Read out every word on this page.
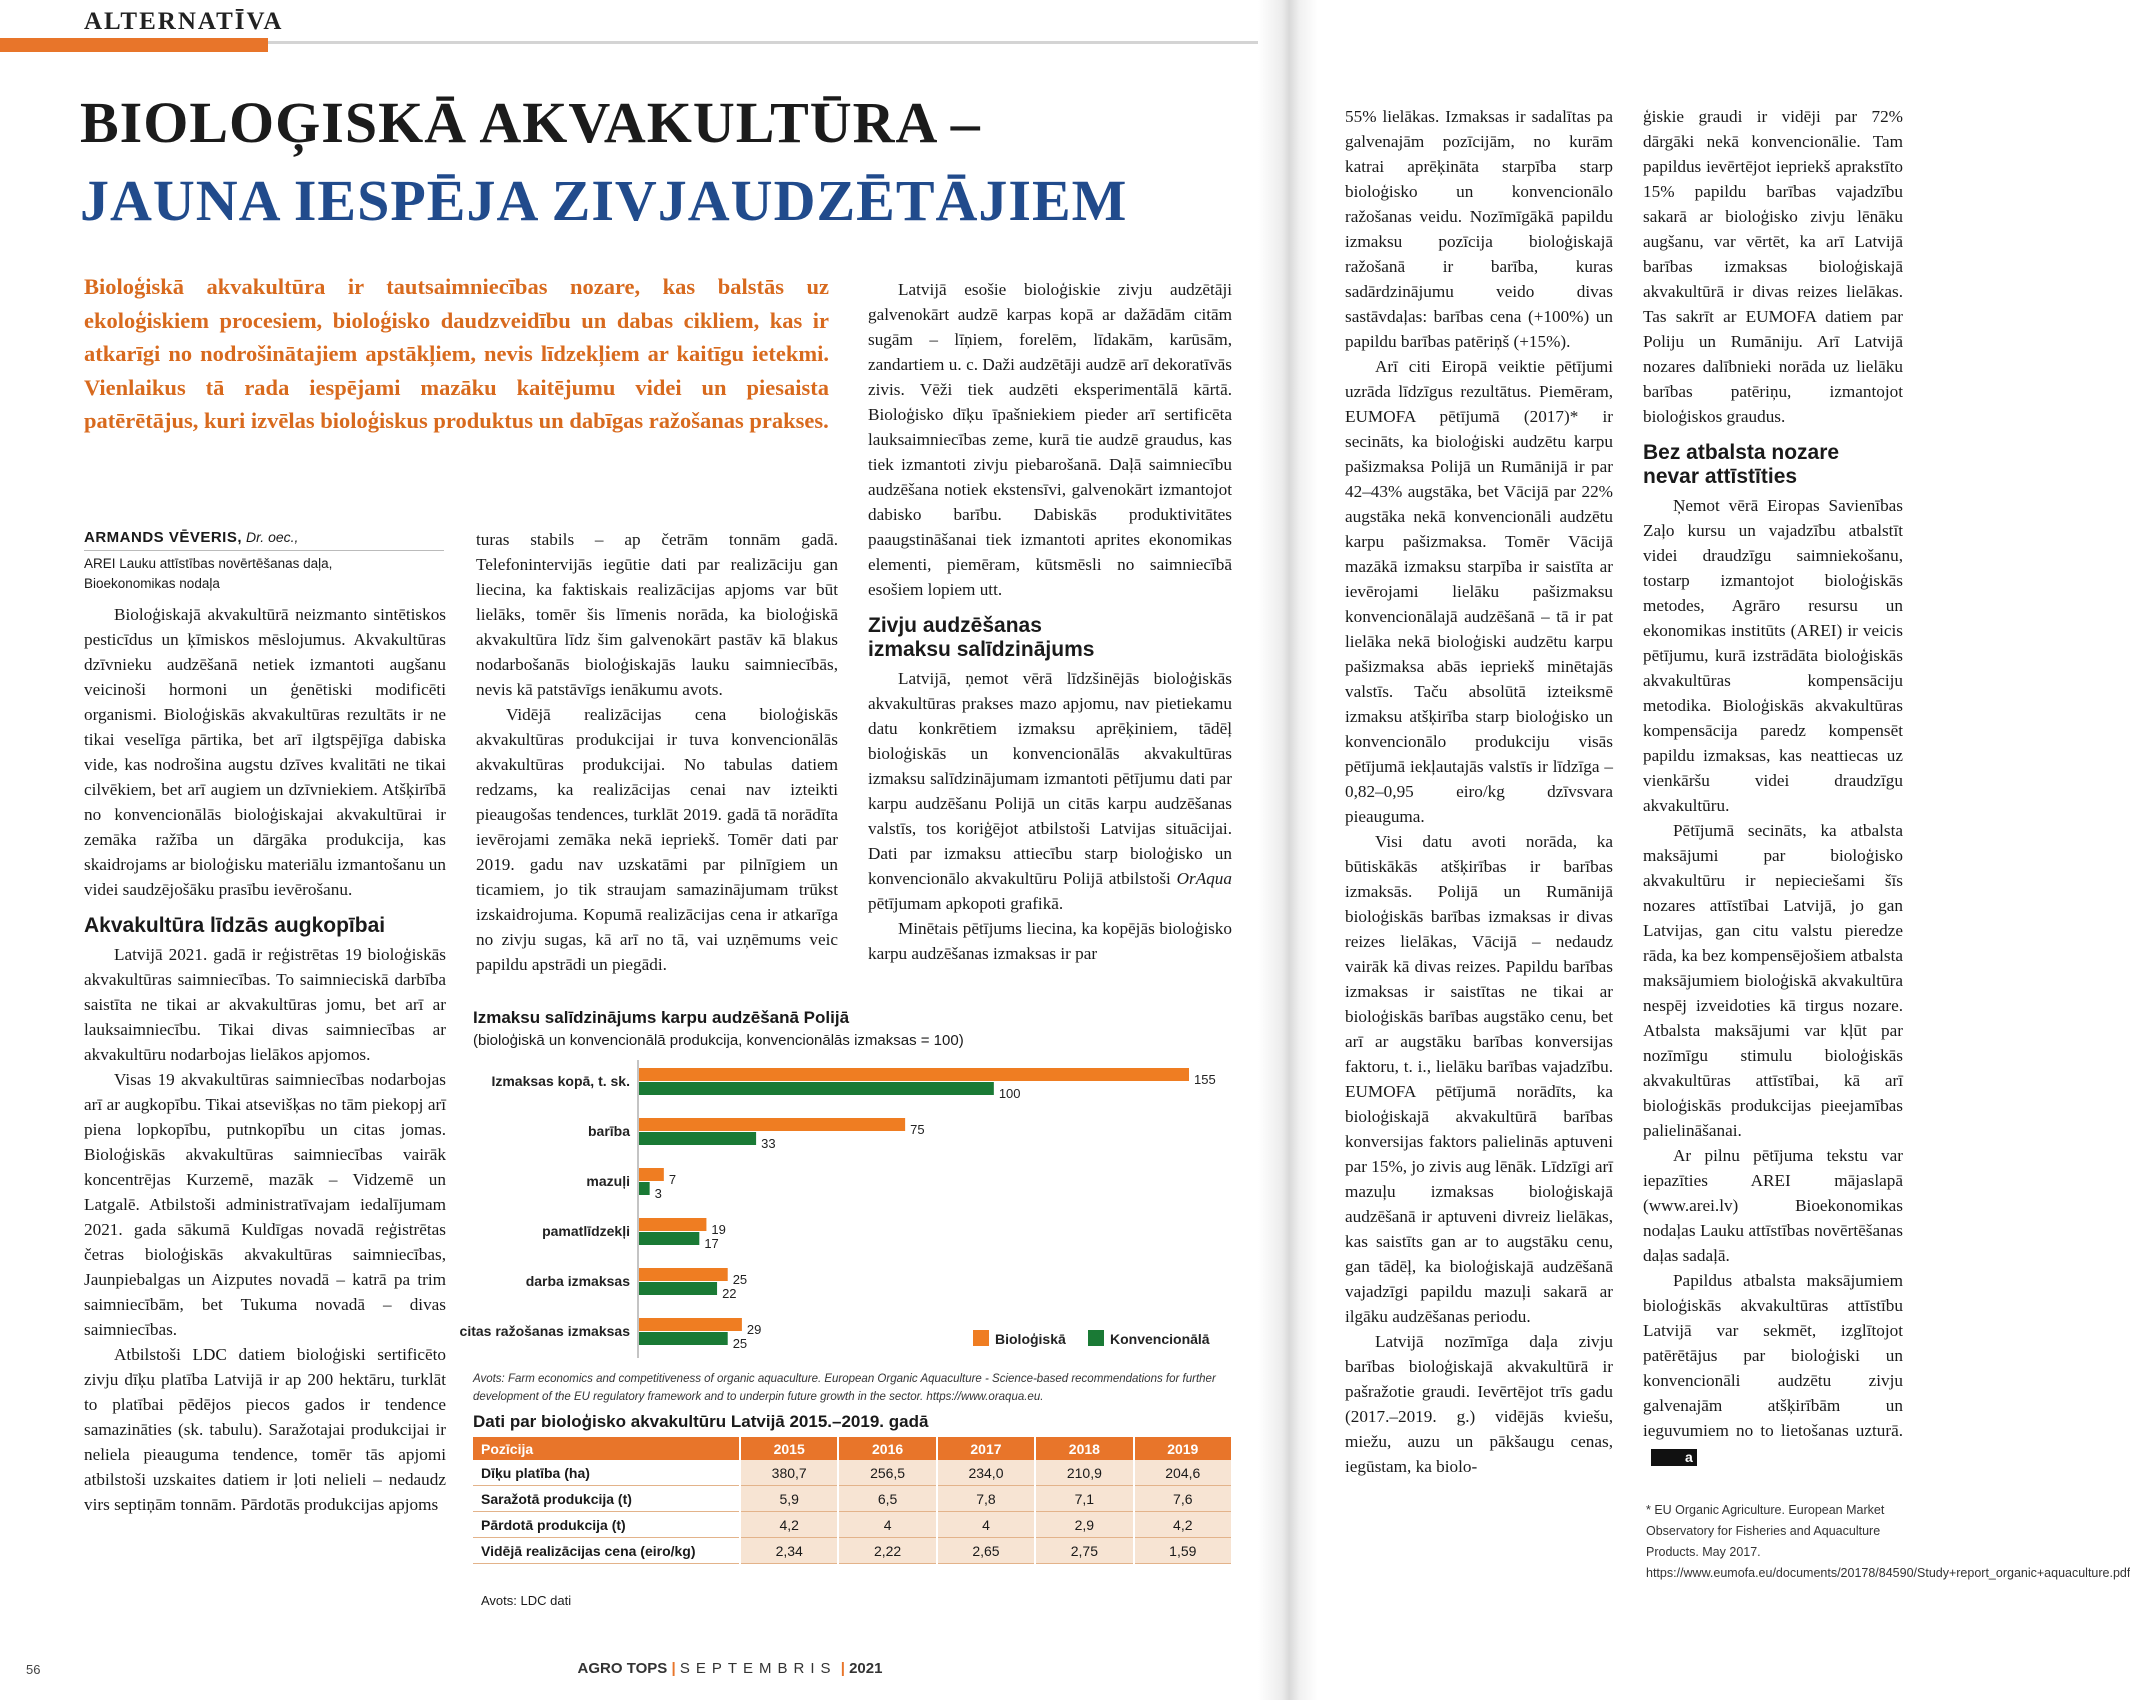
ALTERNATĪVA
BIOLOĢISKĀ AKVAKULTŪRA –
JAUNA IESPĒJA ZIVJAUDZĒTĀJIEM
Bioloģiskā akvakultūra ir tautsaimniecības nozare, kas balstās uz ekoloģiskiem procesiem, bioloģisko daudzveidību un dabas cikliem, kas ir atkarīgi no nodrošinātajiem apstākļiem, nevis līdzekļiem ar kaitīgu ietekmi. Vienlaikus tā rada iespējami mazāku kaitējumu videi un piesaista patērētājus, kuri izvēlas bioloģiskus produktus un dabīgas ražošanas prakses.
ARMANDS VĒVERIS, Dr. oec.,
AREI Lauku attīstības novērtēšanas daļa,
Bioekonomikas nodaļa

Bioloģiskajā akvakultūrā neizmanto sintētiskos pesticīdus un ķīmiskos mēslojumus. Akvakultūras dzīvnieku audzēšanā netiek izmantoti augšanu veicinoši hormoni un ģenētiski modificēti organismi. Bioloģiskās akvakultūras rezultāts ir ne tikai veselīga pārtika, bet arī ilgtspējīga dabiska vide, kas nodrošina augstu dzīves kvalitāti ne tikai cilvēkiem, bet arī augiem un dzīvniekiem. Atšķirībā no konvencionālās bioloģiskajai akvakultūrai ir zemāka ražība un dārgāka produkcija, kas skaidrojams ar bioloģisku materiālu izmantošanu un videi saudzējošāku prasību ievērošanu.

Akvakultūra līdzās augkopībai

Latvijā 2021. gadā ir reģistrētas 19 bioloģiskās akvakultūras saimniecības. To saimnieciskā darbība saistīta ne tikai ar akvakultūras jomu, bet arī ar lauksaimniecību. Tikai divas saimniecības ar akvakultūru nodarbojas lielākos apjomos.

Visas 19 akvakultūras saimniecības nodarbojas arī ar augkopību. Tikai atsevišķas no tām piekopj arī piena lopkopību, putnkopību un citas jomas. Bioloģiskās akvakultūras saimniecības vairāk koncentrējas Kurzemē, mazāk – Vidzemē un Latgalē. Atbilstoši administratīvajam iedalījumam 2021. gada sākumā Kuldīgas novadā reģistrētas četras bioloģiskās akvakultūras saimniecības, Jaunpiebalgas un Aizputes novadā – katrā pa trim saimniecībām, bet Tukuma novadā – divas saimniecības.

Atbilstoši LDC datiem bioloģiski sertificēto zivju dīķu platība Latvijā ir ap 200 hektāru, turklāt to platībai pēdējos piecos gados ir tendence samazināties (sk. tabulu). Saražotajai produkcijai ir neliela pieauguma tendence, tomēr tās apjomi atbilstoši uzskaites datiem ir ļoti nelieli – nedaudz virs septiņām tonnām. Pārdotās produkcijas apjoms

turas stabils – ap četrām tonnām gadā. Telefonintervijās iegūtie dati par realizāciju gan liecina, ka faktiskais realizācijas apjoms var būt lielāks, tomēr šis līmenis norāda, ka bioloģiskā akvakultūra līdz šim galvenokārt pastāv kā blakus nodarbošanās bioloģiskajās lauku saimniecībās, nevis kā patstāvīgs ienākumu avots.

Vidējā realizācijas cena bioloģiskās akvakultūras produkcijai ir tuva konvencionālās akvakultūras produkcijai. No tabulas datiem redzams, ka realizācijas cenai nav izteikti pieaugošas tendences, turklāt 2019. gadā tā norādīta ievērojami zemāka nekā iepriekš. Tomēr dati par 2019. gadu nav uzskatāmi par pilnīgiem un ticamiem, jo tik straujam samazinājumam trūkst izskaidrojuma. Kopumā realizācijas cena ir atkarīga no zivju sugas, kā arī no tā, vai uzņēmums veic papildu apstrādi un piegādi.

Latvijā esošie bioloģiskie zivju audzētāji galvenokārt audzē karpas kopā ar dažādām citām sugām – līņiem, forelēm, līdakām, karūsām, zandartiem u. c. Daži audzētāji audzē arī dekoratīvās zivis. Vēži tiek audzēti eksperimentālā kārtā. Bioloģisko dīķu īpašniekiem pieder arī sertificēta lauksaimniecības zeme, kurā tie audzē graudus, kas tiek izmantoti zivju piebarošanā. Daļā saimniecību audzēšana notiek ekstensīvi, galvenokārt izmantojot dabisko barību. Dabiskās produktivitātes paaugstināšanai tiek izmantoti aprites ekonomikas elementi, piemēram, kūtsmēsli no saimniecībā esošiem lopiem utt.

Zivju audzēšanas izmaksu salīdzinājums

Latvijā, ņemot vērā līdzšinējās bioloģiskās akvakultūras prakses mazo apjomu, nav pietiekamu datu konkrētiem izmaksu aprēķiniem, tādēļ bioloģiskās un konvencionālās akvakultūras izmaksu salīdzinājumam izmantoti pētījumu dati par karpu audzēšanu Polijā un citās karpu audzēšanas valstīs, tos koriģējot atbilstoši Latvijas situācijai. Dati par izmaksu attiecību starp bioloģisko un konvencionālo akvakultūru Polijā atbilstoši OrAqua pētījumam apkopoti grafikā.

Minētais pētījums liecina, ka kopējās bioloģisko karpu audzēšanas izmaksas ir par

Izmaksu salīdzinājums karpu audzēšanā Polijā
(bioloģiskā un konvencionālā produkcija, konvencionālās izmaksas = 100)
Izmaksas kopā, t. sk.	155
100
barība	75
33
mazuļi	7
3
pamatlīdzekļi	19
17
darba izmaksas	25
22
citas ražošanas izmaksas	29
25	Bioloģiskā	Konvencionālā
Avots: Farm economics and competitiveness of organic aquaculture. European Organic Aquaculture - Science-based recommendations for further development of the EU regulatory framework and to underpin future growth in the sector. https://www.oraqua.eu.
Dati par bioloģisko akvakultūru Latvijā 2015.–2019. gadā
Pozīcija	2015	2016	2017	2018	2019
Dīķu platība (ha)	380,7	256,5	234,0	210,9	204,6
Saražotā produkcija (t)	5,9	6,5	7,8	7,1	7,6
Pārdotā produkcija (t)	4,2	4	4	2,9	4,2
Vidējā realizācijas cena (eiro/kg)	2,34	2,22	2,65	2,75	1,59
Avots: LDC dati

55% lielākas. Izmaksas ir sadalītas pa galvenajām pozīcijām, no kurām katrai aprēķināta starpība starp bioloģisko un konvencionālo ražošanas veidu. Nozīmīgākā papildu izmaksu pozīcija bioloģiskajā ražošanā ir barība, kuras sadārdzinājumu veido divas sastāvdaļas: barības cena (+100%) un papildu barības patēriņš (+15%).

Arī citi Eiropā veiktie pētījumi uzrāda līdzīgus rezultātus. Piemēram, EUMOFA pētījumā (2017)* ir secināts, ka bioloģiski audzētu karpu pašizmaksa Polijā un Rumānijā ir par 42–43% augstāka, bet Vācijā par 22% augstāka nekā konvencionāli audzētu karpu pašizmaksa. Tomēr Vācijā mazākā izmaksu starpība ir saistīta ar ievērojami lielāku pašizmaksu konvencionālajā audzēšanā – tā ir pat lielāka nekā bioloģiski audzētu karpu pašizmaksa abās iepriekš minētajās valstīs. Taču absolūtā izteiksmē izmaksu atšķirība starp bioloģisko un konvencionālo produkciju visās pētījumā iekļautajās valstīs ir līdzīga – 0,82–0,95 eiro/kg dzīvsvara pieauguma.

Visi datu avoti norāda, ka būtiskākās atšķirības ir barības izmaksās. Polijā un Rumānijā bioloģiskās barības izmaksas ir divas reizes lielākas, Vācijā – nedaudz vairāk kā divas reizes. Papildu barības izmaksas ir saistītas ne tikai ar bioloģiskās barības augstāko cenu, bet arī ar augstāku barības konversijas faktoru, t. i., lielāku barības vajadzību. EUMOFA pētījumā norādīts, ka bioloģiskajā akvakultūrā barības konversijas faktors palielinās aptuveni par 15%, jo zivis aug lēnāk. Līdzīgi arī mazuļu izmaksas bioloģiskajā audzēšanā ir aptuveni divreiz lielākas, kas saistīts gan ar to augstāku cenu, gan tādēļ, ka bioloģiskajā audzēšanā vajadzīgi papildu mazuļi sakarā ar ilgāku audzēšanas periodu.

Latvijā nozīmīga daļa zivju barības bioloģiskajā akvakultūrā ir pašražotie graudi. Ievērtējot trīs gadu (2017.–2019. g.) vidējās kviešu, miežu, auzu un pākšaugu cenas, iegūstam, ka biolo-

ģiskie graudi ir vidēji par 72% dārgāki nekā konvencionālie. Tam papildus ievērtējot iepriekš aprakstīto 15% papildu barības vajadzību sakarā ar bioloģisko zivju lēnāku augšanu, var vērtēt, ka arī Latvijā barības izmaksas bioloģiskajā akvakultūrā ir divas reizes lielākas. Tas sakrīt ar EUMOFA datiem par Poliju un Rumāniju. Arī Latvijā nozares dalībnieki norāda uz lielāku barības patēriņu, izmantojot bioloģiskos graudus.

Bez atbalsta nozare nevar attīstīties

Ņemot vērā Eiropas Savienības Zaļo kursu un vajadzību atbalstīt videi draudzīgu saimniekošanu, tostarp izmantojot bioloģiskās metodes, Agrāro resursu un ekonomikas institūts (AREI) ir veicis pētījumu, kurā izstrādāta bioloģiskās akvakultūras kompensāciju metodika. Bioloģiskās akvakultūras kompensācija paredz kompensēt papildu izmaksas, kas neattiecas uz vienkāršu videi draudzīgu akvakultūru.

Pētījumā secināts, ka atbalsta maksājumi par bioloģisko akvakultūru ir nepieciešami šīs nozares attīstībai Latvijā, jo gan Latvijas, gan citu valstu pieredze rāda, ka bez kompensējošiem atbalsta maksājumiem bioloģiskā akvakultūra nespēj izveidoties kā tirgus nozare. Atbalsta maksājumi var kļūt par nozīmīgu stimulu bioloģiskās akvakultūras attīstībai, kā arī bioloģiskās produkcijas pieejamības palielināšanai.

Ar pilnu pētījuma tekstu var iepazīties AREI mājaslapā (www.arei.lv) Bioekonomikas nodaļas Lauku attīstības novērtēšanas daļas sadaļā.

Papildus atbalsta maksājumiem bioloģiskās akvakultūras attīstību Latvijā var sekmēt, izglītojot patērētājus par bioloģiski un konvencionāli audzētu zivju galvenajām atšķirībām un ieguvumiem no to lietošanas uzturā.a

* EU Organic Agriculture. European Market Observatory for Fisheries and Aquaculture Products. May 2017. https://www.eumofa.eu/documents/20178/84590/Study+report_organic+aquaculture.pdf
56	AGRO TOPS | SEPTEMBRIS | 2021
